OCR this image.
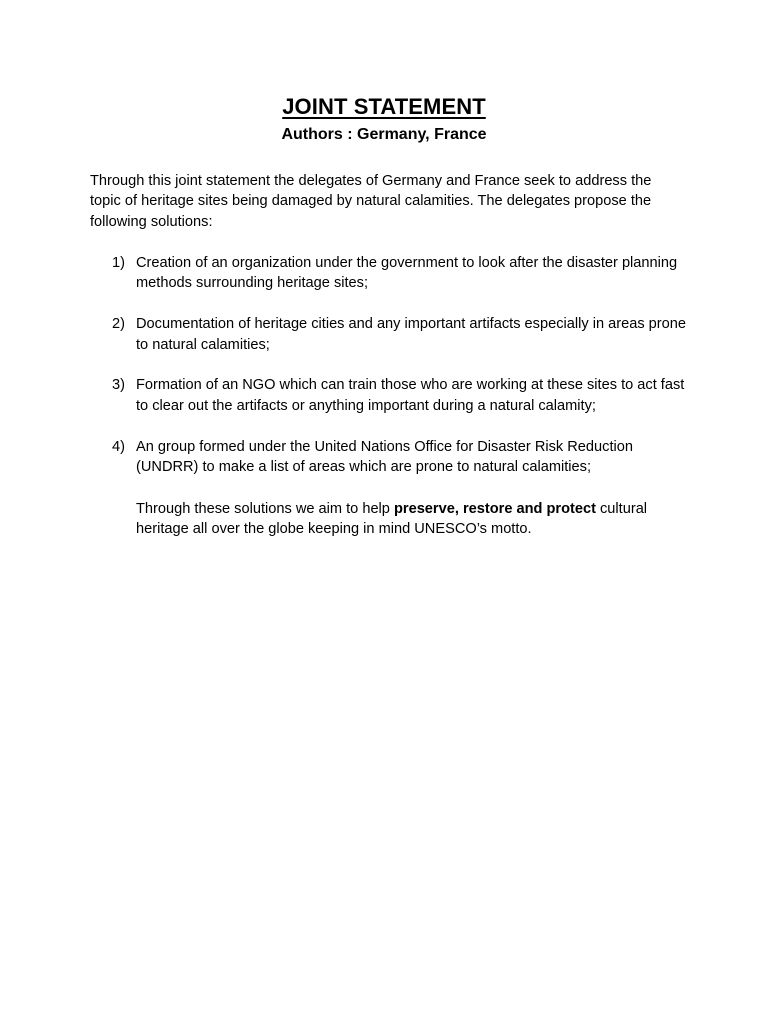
JOINT STATEMENT
Authors : Germany, France

Through this joint statement the delegates of Germany and France seek to address the topic of heritage sites being damaged by natural calamities. The delegates propose the following solutions:

1) Creation of an organization under the government to look after the disaster planning methods surrounding heritage sites;
2) Documentation of heritage cities and any important artifacts especially in areas prone to natural calamities;
3) Formation of an NGO which can train those who are working at these sites to act fast to clear out the artifacts or anything important during a natural calamity;
4) An group formed under the United Nations Office for Disaster Risk Reduction (UNDRR) to make a list of areas which are prone to natural calamities;

Through these solutions we aim to help preserve, restore and protect cultural heritage all over the globe keeping in mind UNESCO’s motto.
